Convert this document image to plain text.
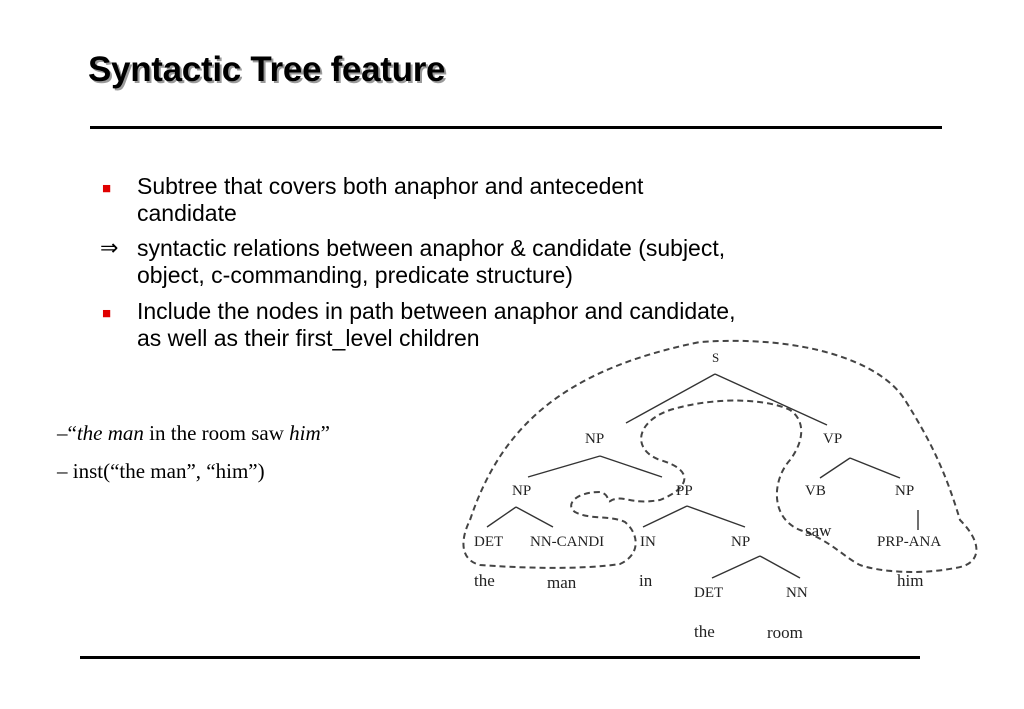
Syntactic Tree feature
■ Subtree that covers both anaphor and antecedent
candidate
⇒ syntactic relations between anaphor & candidate (subject,
object, c-commanding, predicate structure)
■ Include the nodes in path between anaphor and candidate,
as well as their first_level children
–“the man in the room saw him”
– inst(“the man”, “him”)
S
NP	VP
NP	PP	VB	NP
DET NN-CANDI IN	NP	PRP-ANA
DET	NN
the	man	in
saw
him
the	room
